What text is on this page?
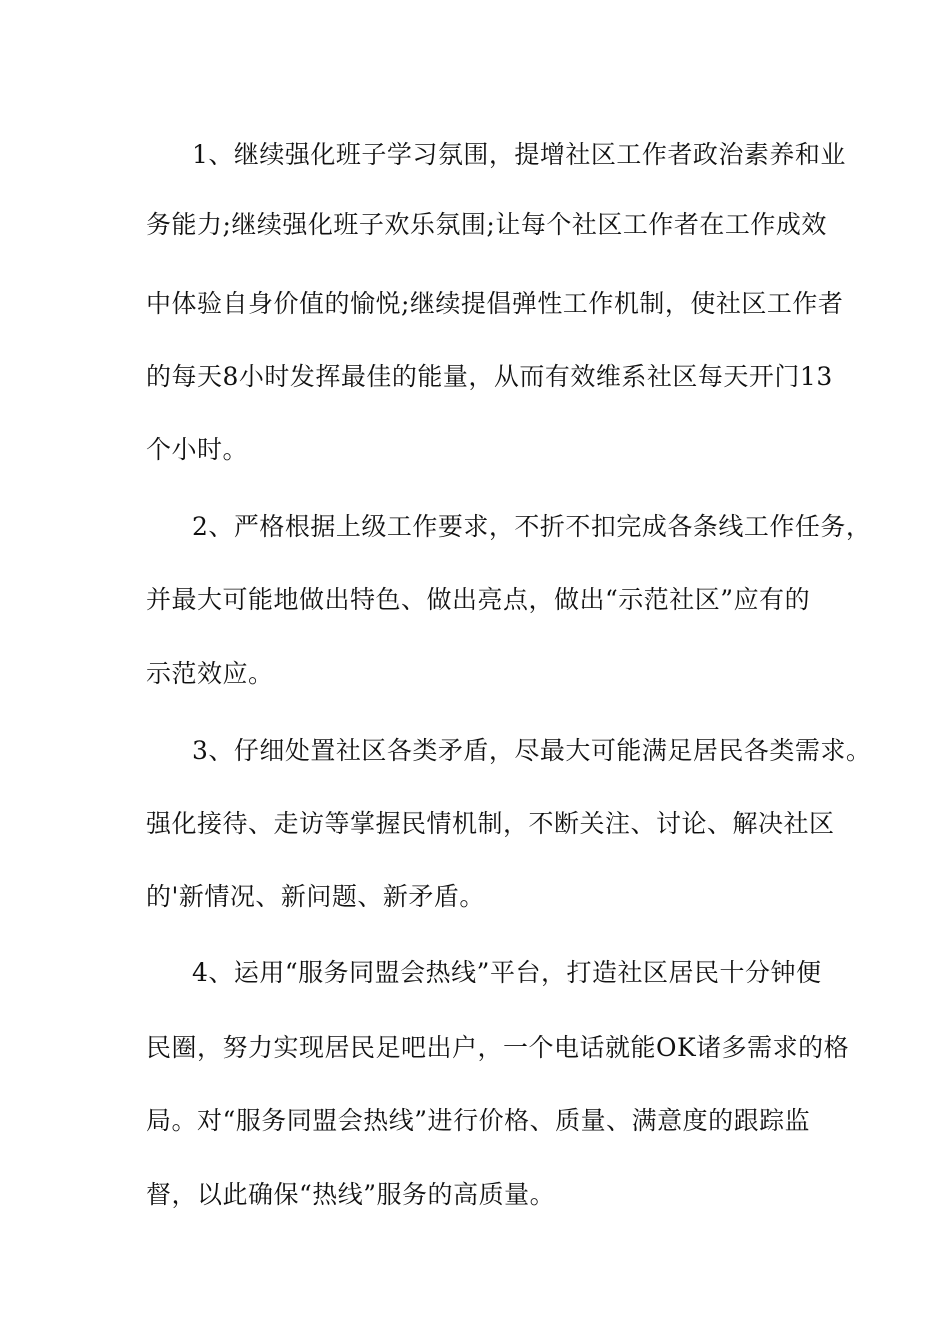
1、继续强化班子学习氛围，提增社区工作者政治素养和业
务能力;继续强化班子欢乐氛围;让每个社区工作者在工作成效
中体验自身价值的愉悦;继续提倡弹性工作机制，使社区工作者
的每天8小时发挥最佳的能量，从而有效维系社区每天开门13
个小时。
2、严格根据上级工作要求，不折不扣完成各条线工作任务，
并最大可能地做出特色、做出亮点，做出“示范社区”应有的
示范效应。
3、仔细处置社区各类矛盾，尽最大可能满足居民各类需求。
强化接待、走访等掌握民情机制，不断关注、讨论、解决社区
的'新情况、新问题、新矛盾。
4、运用“服务同盟会热线”平台，打造社区居民十分钟便
民圈，努力实现居民足吧出户，一个电话就能OK诸多需求的格
局。对“服务同盟会热线”进行价格、质量、满意度的跟踪监
督，以此确保“热线”服务的高质量。
